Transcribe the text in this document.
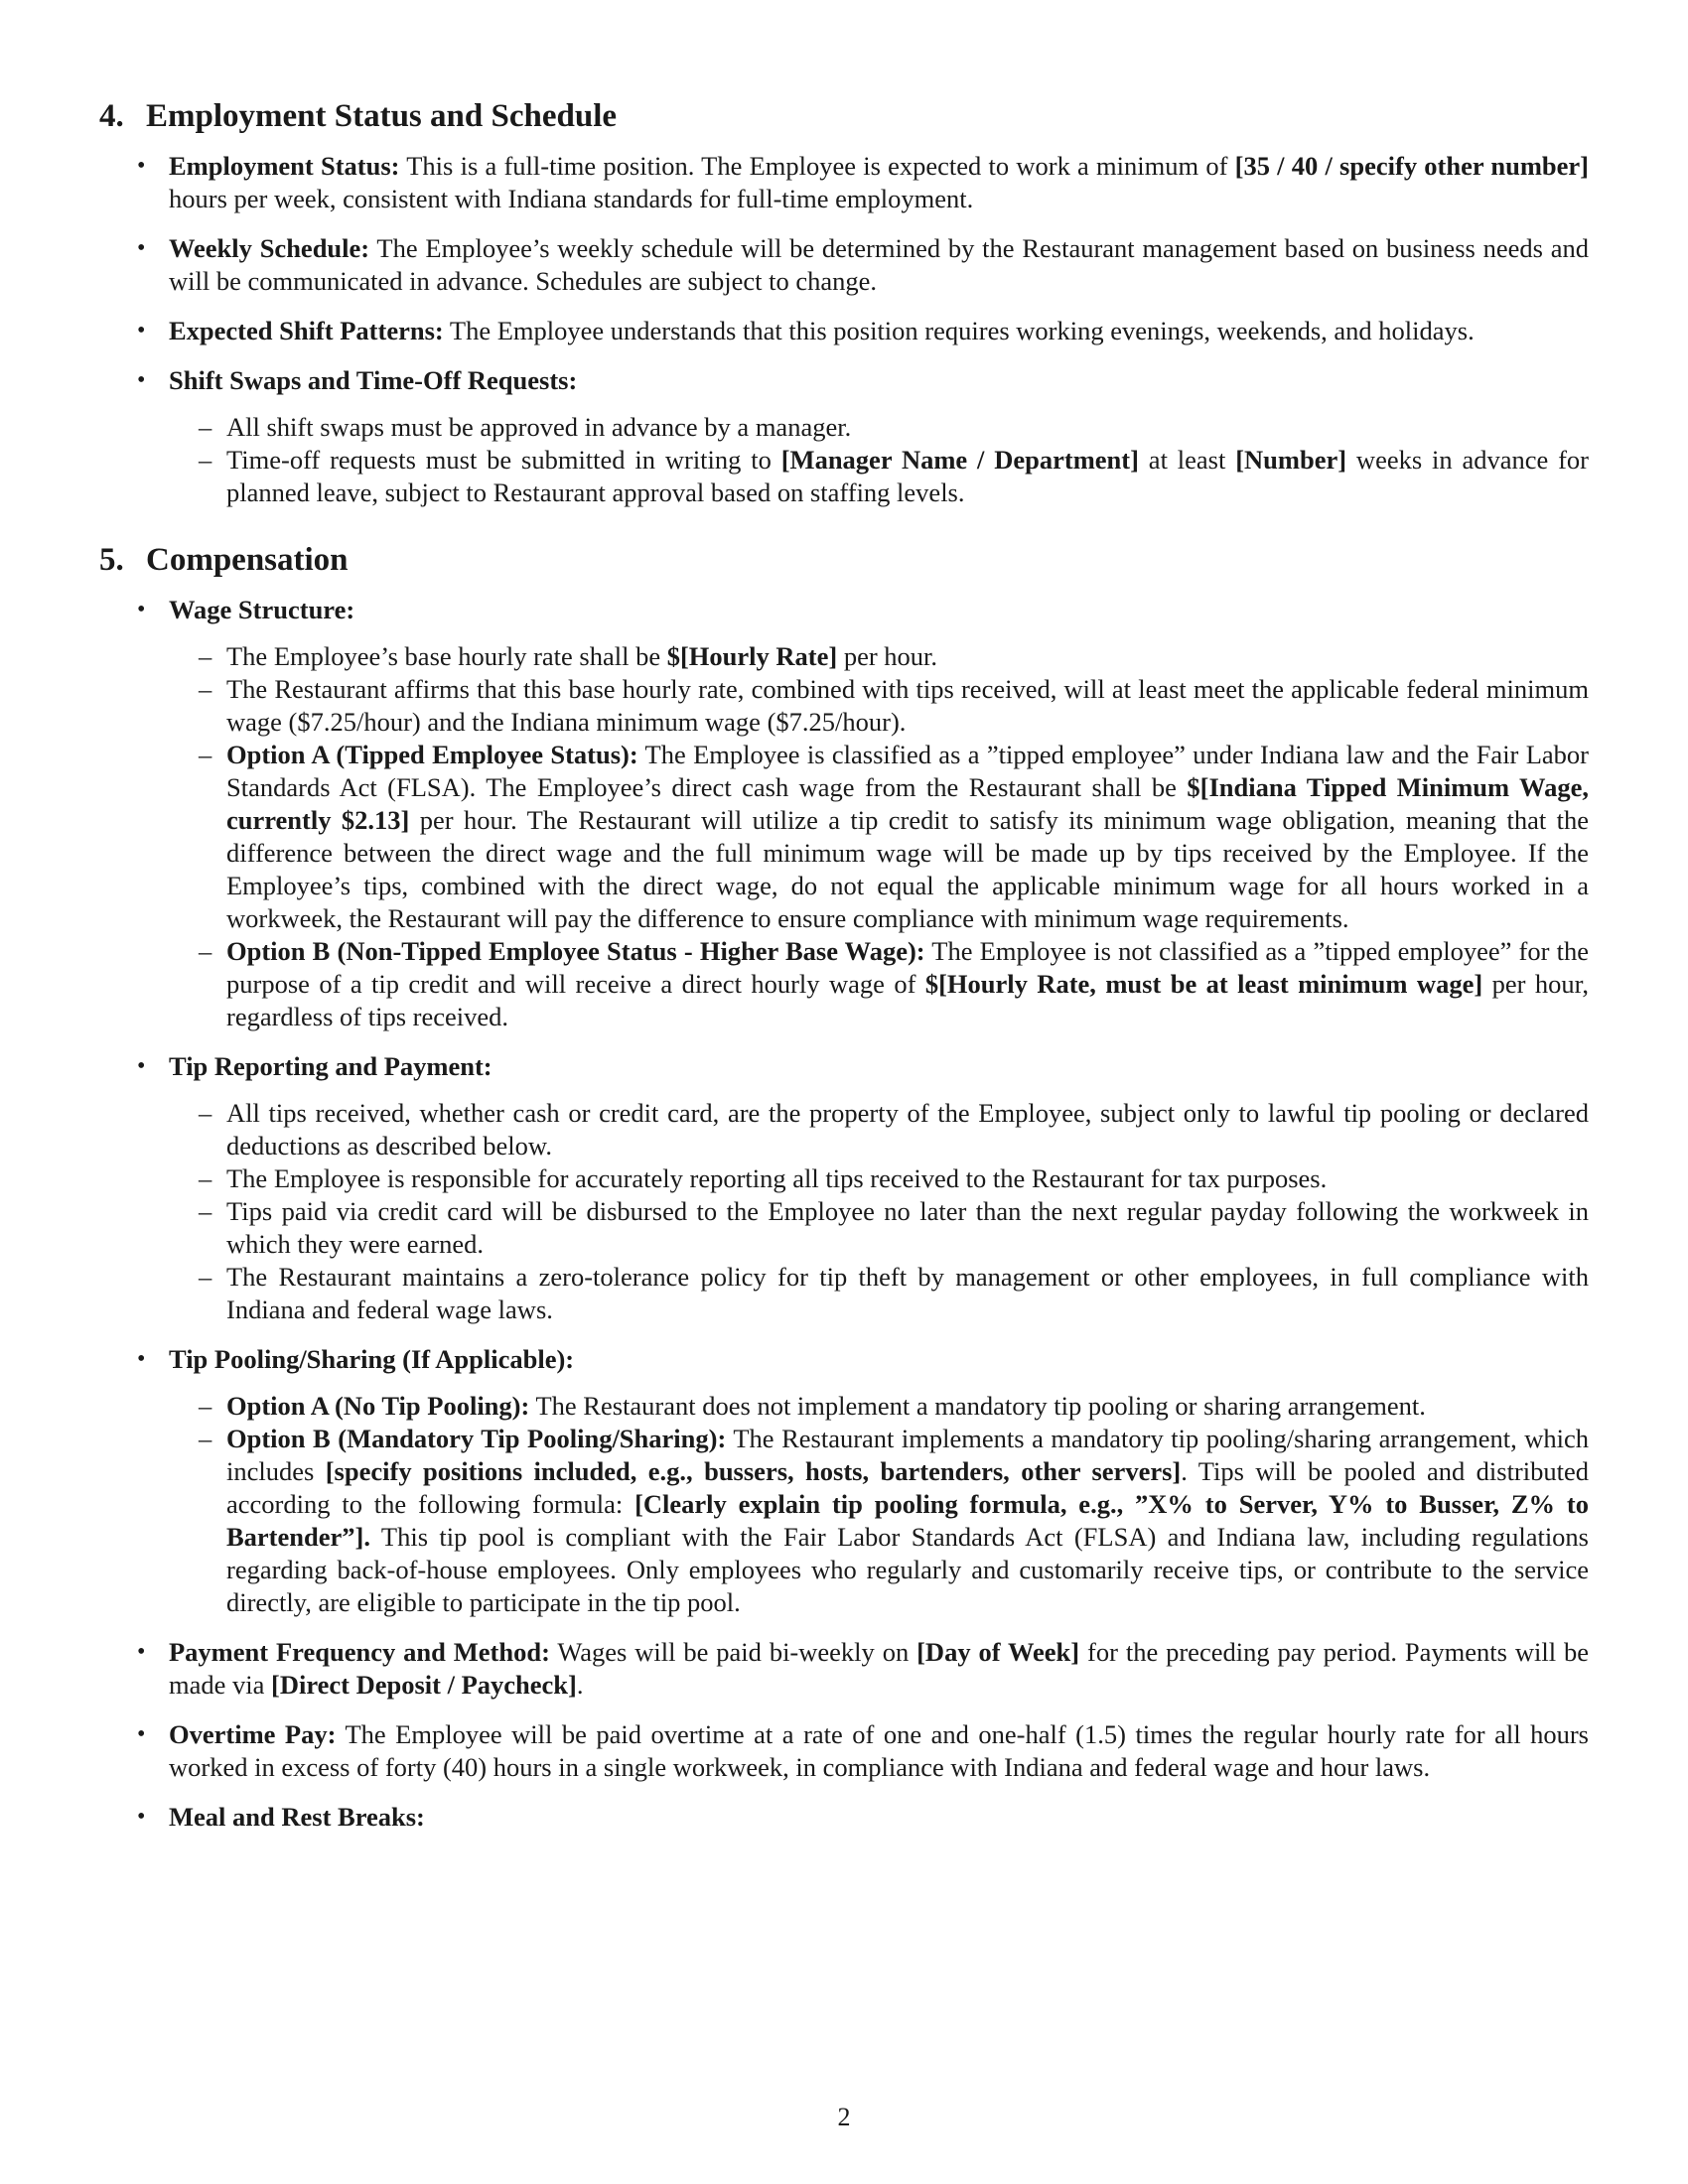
4. Employment Status and Schedule
• Employment Status: This is a full-time position. The Employee is expected to work a minimum of [35 / 40 / specify other number] hours per week, consistent with Indiana standards for full-time employment.
• Weekly Schedule: The Employee’s weekly schedule will be determined by the Restaurant management based on business needs and will be communicated in advance. Schedules are subject to change.
• Expected Shift Patterns: The Employee understands that this position requires working evenings, weekends, and holidays.
• Shift Swaps and Time-Off Requests:
– All shift swaps must be approved in advance by a manager.
– Time-off requests must be submitted in writing to [Manager Name / Department] at least [Number] weeks in advance for planned leave, subject to Restaurant approval based on staffing levels.
5. Compensation
• Wage Structure:
– The Employee’s base hourly rate shall be $[Hourly Rate] per hour.
– The Restaurant affirms that this base hourly rate, combined with tips received, will at least meet the applicable federal minimum wage ($7.25/hour) and the Indiana minimum wage ($7.25/hour).
– Option A (Tipped Employee Status): The Employee is classified as a ”tipped employee” under Indiana law and the Fair Labor Standards Act (FLSA). The Employee’s direct cash wage from the Restaurant shall be $[Indiana Tipped Minimum Wage, currently $2.13] per hour. The Restaurant will utilize a tip credit to satisfy its minimum wage obligation, meaning that the difference between the direct wage and the full minimum wage will be made up by tips received by the Employee. If the Employee’s tips, combined with the direct wage, do not equal the applicable minimum wage for all hours worked in a workweek, the Restaurant will pay the difference to ensure compliance with minimum wage requirements.
– Option B (Non-Tipped Employee Status - Higher Base Wage): The Employee is not classified as a ”tipped employee” for the purpose of a tip credit and will receive a direct hourly wage of $[Hourly Rate, must be at least minimum wage] per hour, regardless of tips received.
• Tip Reporting and Payment:
– All tips received, whether cash or credit card, are the property of the Employee, subject only to lawful tip pooling or declared deductions as described below.
– The Employee is responsible for accurately reporting all tips received to the Restaurant for tax purposes.
– Tips paid via credit card will be disbursed to the Employee no later than the next regular payday following the workweek in which they were earned.
– The Restaurant maintains a zero-tolerance policy for tip theft by management or other employees, in full compliance with Indiana and federal wage laws.
• Tip Pooling/Sharing (If Applicable):
– Option A (No Tip Pooling): The Restaurant does not implement a mandatory tip pooling or sharing arrangement.
– Option B (Mandatory Tip Pooling/Sharing): The Restaurant implements a mandatory tip pooling/sharing arrangement, which includes [specify positions included, e.g., bussers, hosts, bartenders, other servers]. Tips will be pooled and distributed according to the following formula: [Clearly explain tip pooling formula, e.g., ”X% to Server, Y% to Busser, Z% to Bartender”]. This tip pool is compliant with the Fair Labor Standards Act (FLSA) and Indiana law, including regulations regarding back-of-house employees. Only employees who regularly and customarily receive tips, or contribute to the service directly, are eligible to participate in the tip pool.
• Payment Frequency and Method: Wages will be paid bi-weekly on [Day of Week] for the preceding pay period. Payments will be made via [Direct Deposit / Paycheck].
• Overtime Pay: The Employee will be paid overtime at a rate of one and one-half (1.5) times the regular hourly rate for all hours worked in excess of forty (40) hours in a single workweek, in compliance with Indiana and federal wage and hour laws.
• Meal and Rest Breaks:
2
